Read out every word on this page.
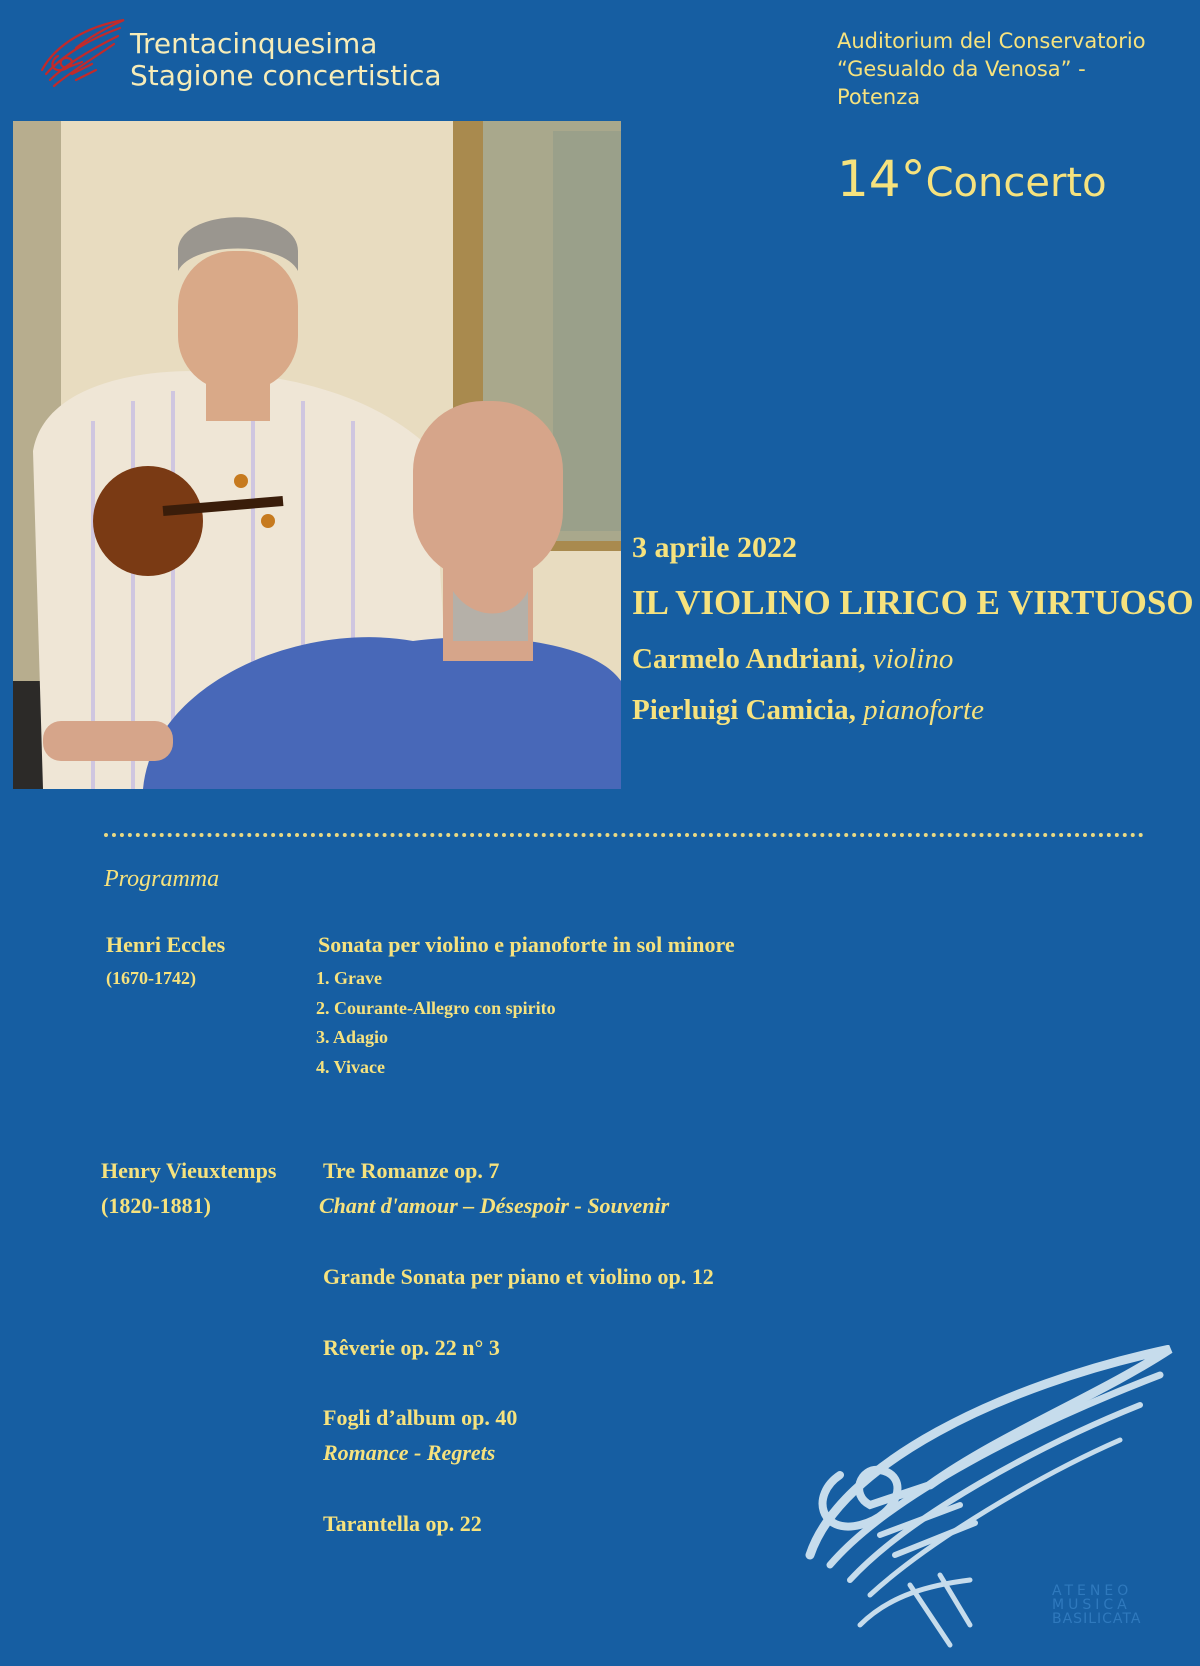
Trentacinquesima
Stagione concertistica
Auditorium del Conservatorio
“Gesualdo da Venosa” -
Potenza
14°Concerto
3 aprile 2022
IL VIOLINO LIRICO E VIRTUOSO
Carmelo Andriani, violino
Pierluigi Camicia, pianoforte
Programma
Henri Eccles
(1670-1742)
Sonata per violino e pianoforte in sol minore
1. Grave
2. Courante-Allegro con spirito
3. Adagio
4. Vivace
Henry Vieuxtemps
(1820-1881)
Tre Romanze op. 7
Chant d'amour – Désespoir - Souvenir
Grande Sonata per piano et violino op. 12
Rêverie op. 22 n° 3
Fogli d’album op. 40
Romance - Regrets
Tarantella op. 22
ATENEO
MUSICA
BASILICATA
